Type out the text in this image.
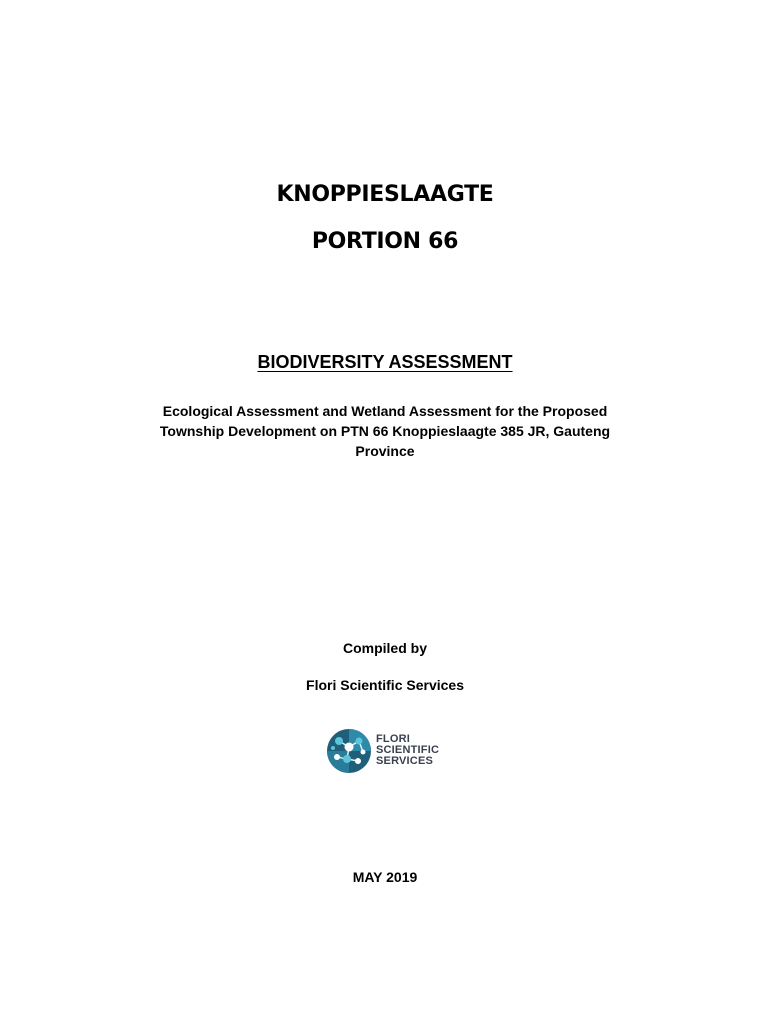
KNOPPIESLAAGTE
PORTION 66
BIODIVERSITY ASSESSMENT
Ecological Assessment and Wetland Assessment for the Proposed
Township Development on PTN 66 Knoppieslaagte 385 JR, Gauteng
Province
Compiled by
Flori Scientific Services
FLORI
SCIENTIFIC
SERVICES
MAY 2019
